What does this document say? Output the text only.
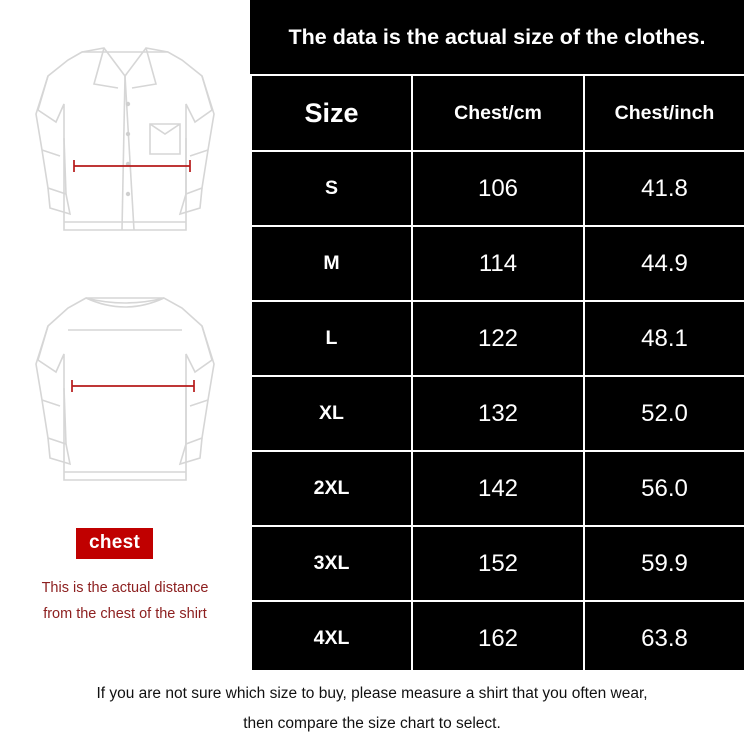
chest
This is the actual distance
from the chest of the shirt
The data is the actual size of the clothes.
Size	Chest/cm	Chest/inch
S	106	41.8
M	114	44.9
L	122	48.1
XL	132	52.0
2XL	142	56.0
3XL	152	59.9
4XL	162	63.8
If you are not sure which size to buy, please measure a shirt that you often wear,
then compare the size chart to select.
